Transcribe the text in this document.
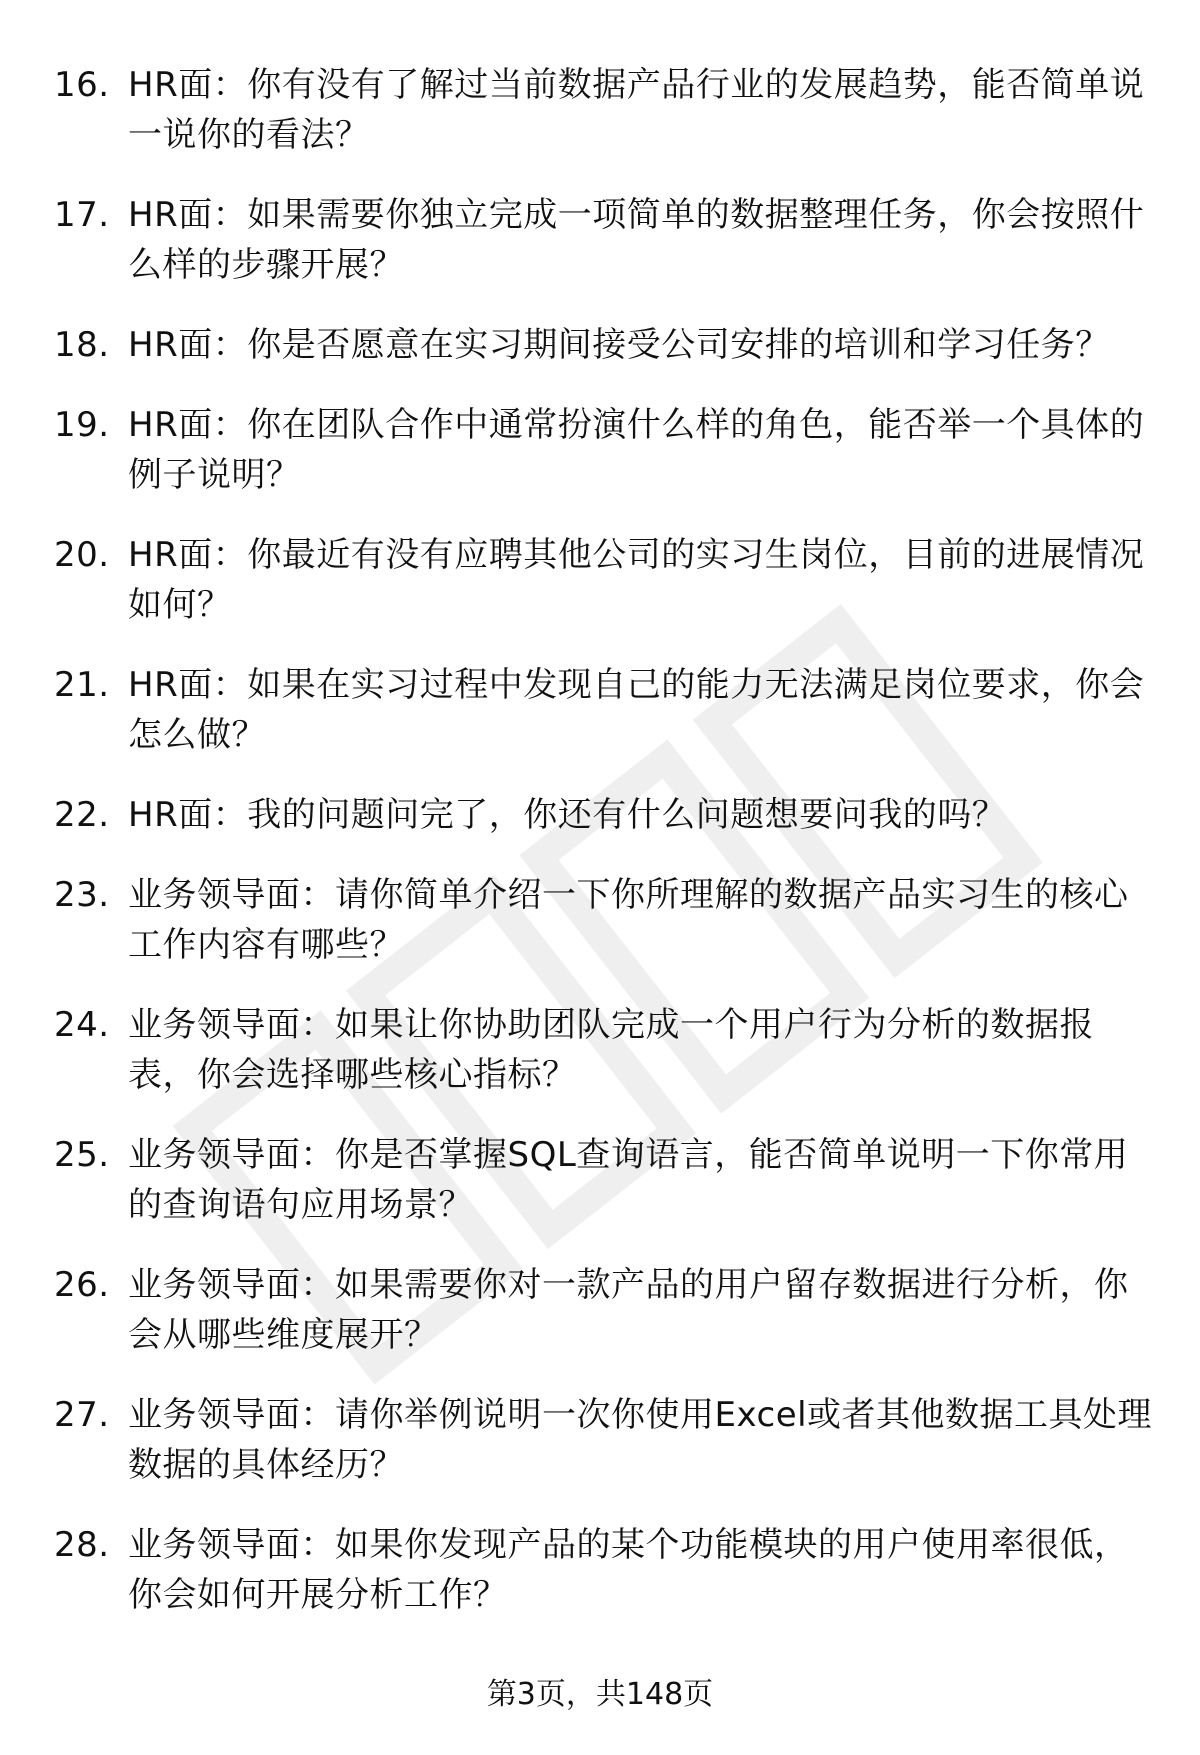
16. HR面：你有没有了解过当前数据产品行业的发展趋势，能否简单说一说你的看法？
17. HR面：如果需要你独立完成一项简单的数据整理任务，你会按照什么样的步骤开展？
18. HR面：你是否愿意在实习期间接受公司安排的培训和学习任务？
19. HR面：你在团队合作中通常扮演什么样的角色，能否举一个具体的例子说明？
20. HR面：你最近有没有应聘其他公司的实习生岗位，目前的进展情况如何？
21. HR面：如果在实习过程中发现自己的能力无法满足岗位要求，你会怎么做？
22. HR面：我的问题问完了，你还有什么问题想要问我的吗？
23. 业务领导面：请你简单介绍一下你所理解的数据产品实习生的核心工作内容有哪些？
24. 业务领导面：如果让你协助团队完成一个用户行为分析的数据报表，你会选择哪些核心指标？
25. 业务领导面：你是否掌握SQL查询语言，能否简单说明一下你常用的查询语句应用场景？
26. 业务领导面：如果需要你对一款产品的用户留存数据进行分析，你会从哪些维度展开？
27. 业务领导面：请你举例说明一次你使用Excel或者其他数据工具处理数据的具体经历？
28. 业务领导面：如果你发现产品的某个功能模块的用户使用率很低，你会如何开展分析工作？
第3页，共148页
